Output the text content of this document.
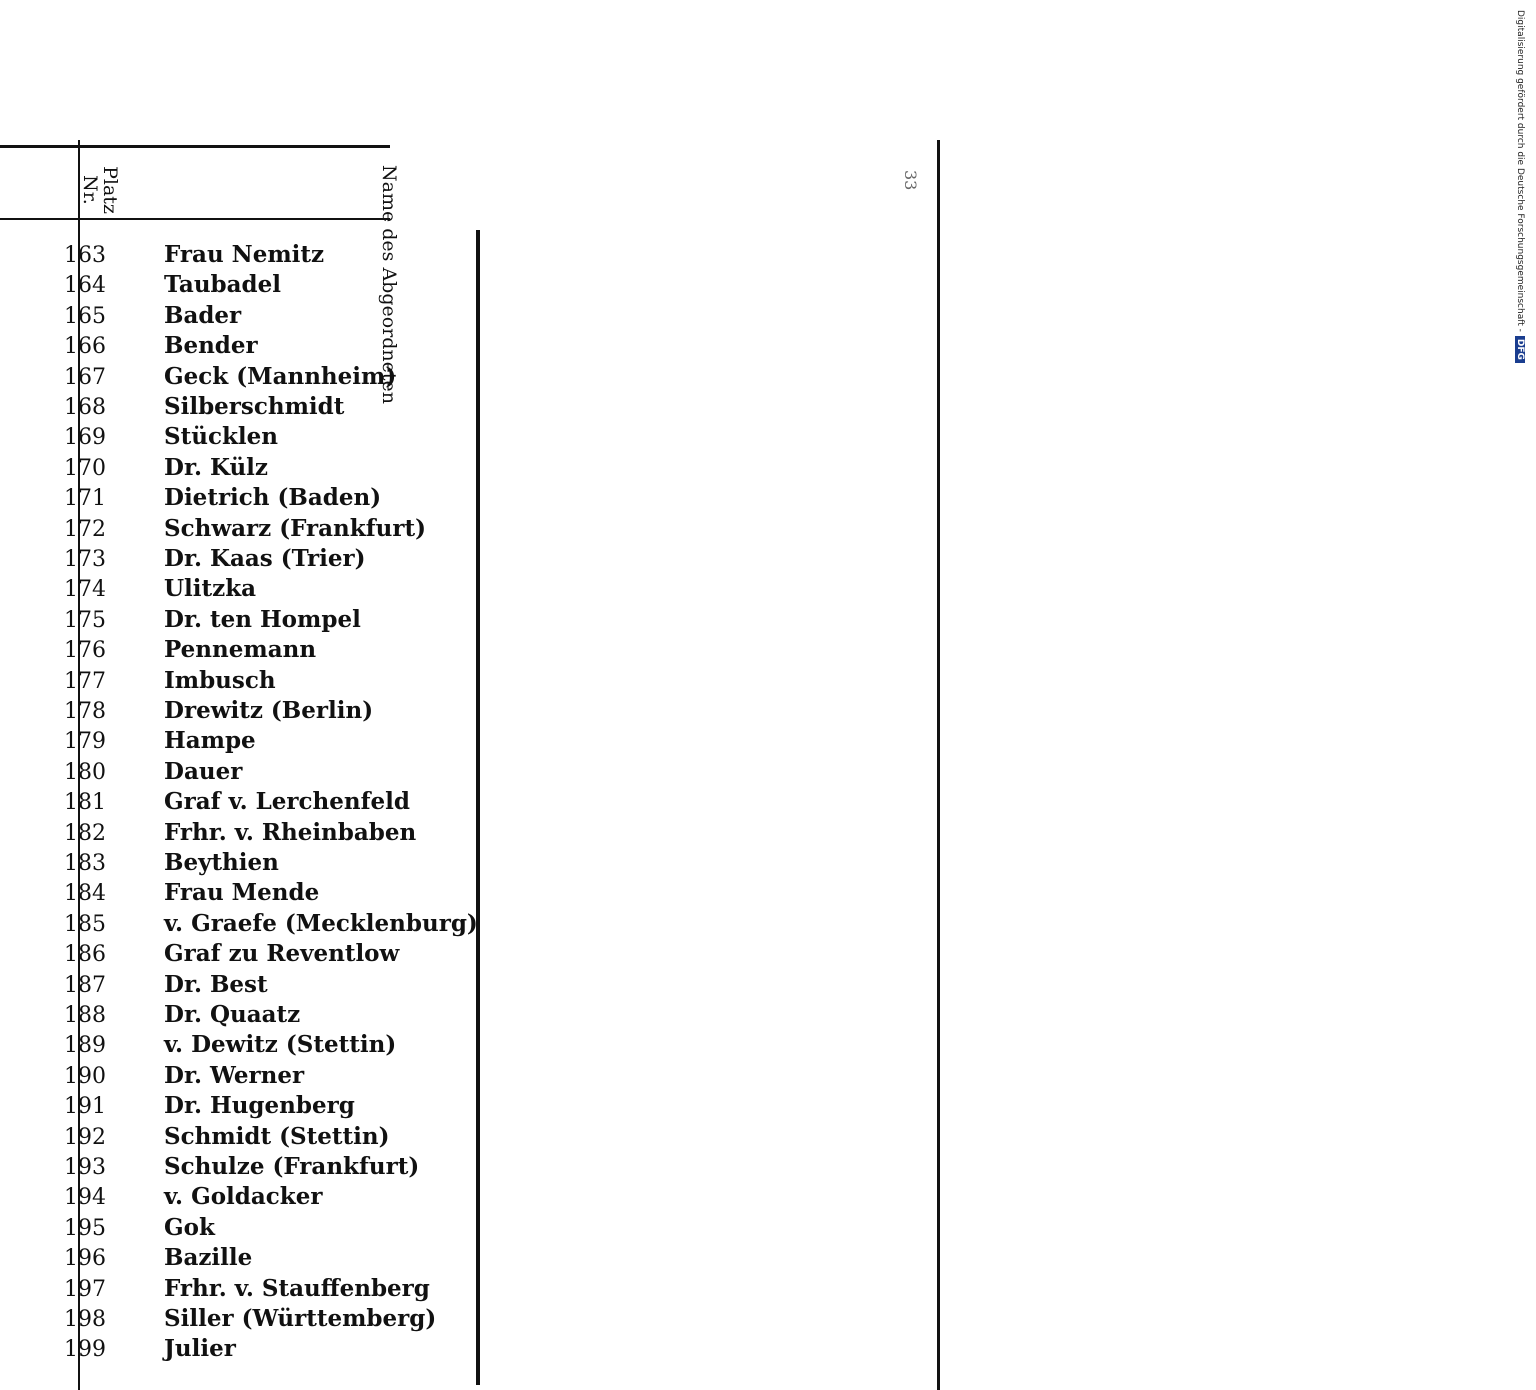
33
Platz
Nr.	Name des Abgeordneten
163	Frau Nemitz
164	Taubadel
165	Bader
166	Bender
167	Geck (Mannheim)
168	Silberschmidt
169	Stücklen
170	Dr. Külz
171	Dietrich (Baden)
172	Schwarz (Frankfurt)
173	Dr. Kaas (Trier)
174	Ulitzka
175	Dr. ten Hompel
176	Pennemann
177	Imbusch
178	Drewitz (Berlin)
179	Hampe
180	Dauer
181	Graf v. Lerchenfeld
182	Frhr. v. Rheinbaben
183	Beythien
184	Frau Mende
185	v. Graefe (Mecklenburg)
186	Graf zu Reventlow
187	Dr. Best
188	Dr. Quaatz
189	v. Dewitz (Stettin)
190	Dr. Werner
191	Dr. Hugenberg
192	Schmidt (Stettin)
193	Schulze (Frankfurt)
194	v. Goldacker
195	Gok
196	Bazille
197	Frhr. v. Stauffenberg
198	Siller (Württemberg)
199	Julier
Digitalisierung gefördert durch die Deutsche Forschungsgemeinschaft -DFG
